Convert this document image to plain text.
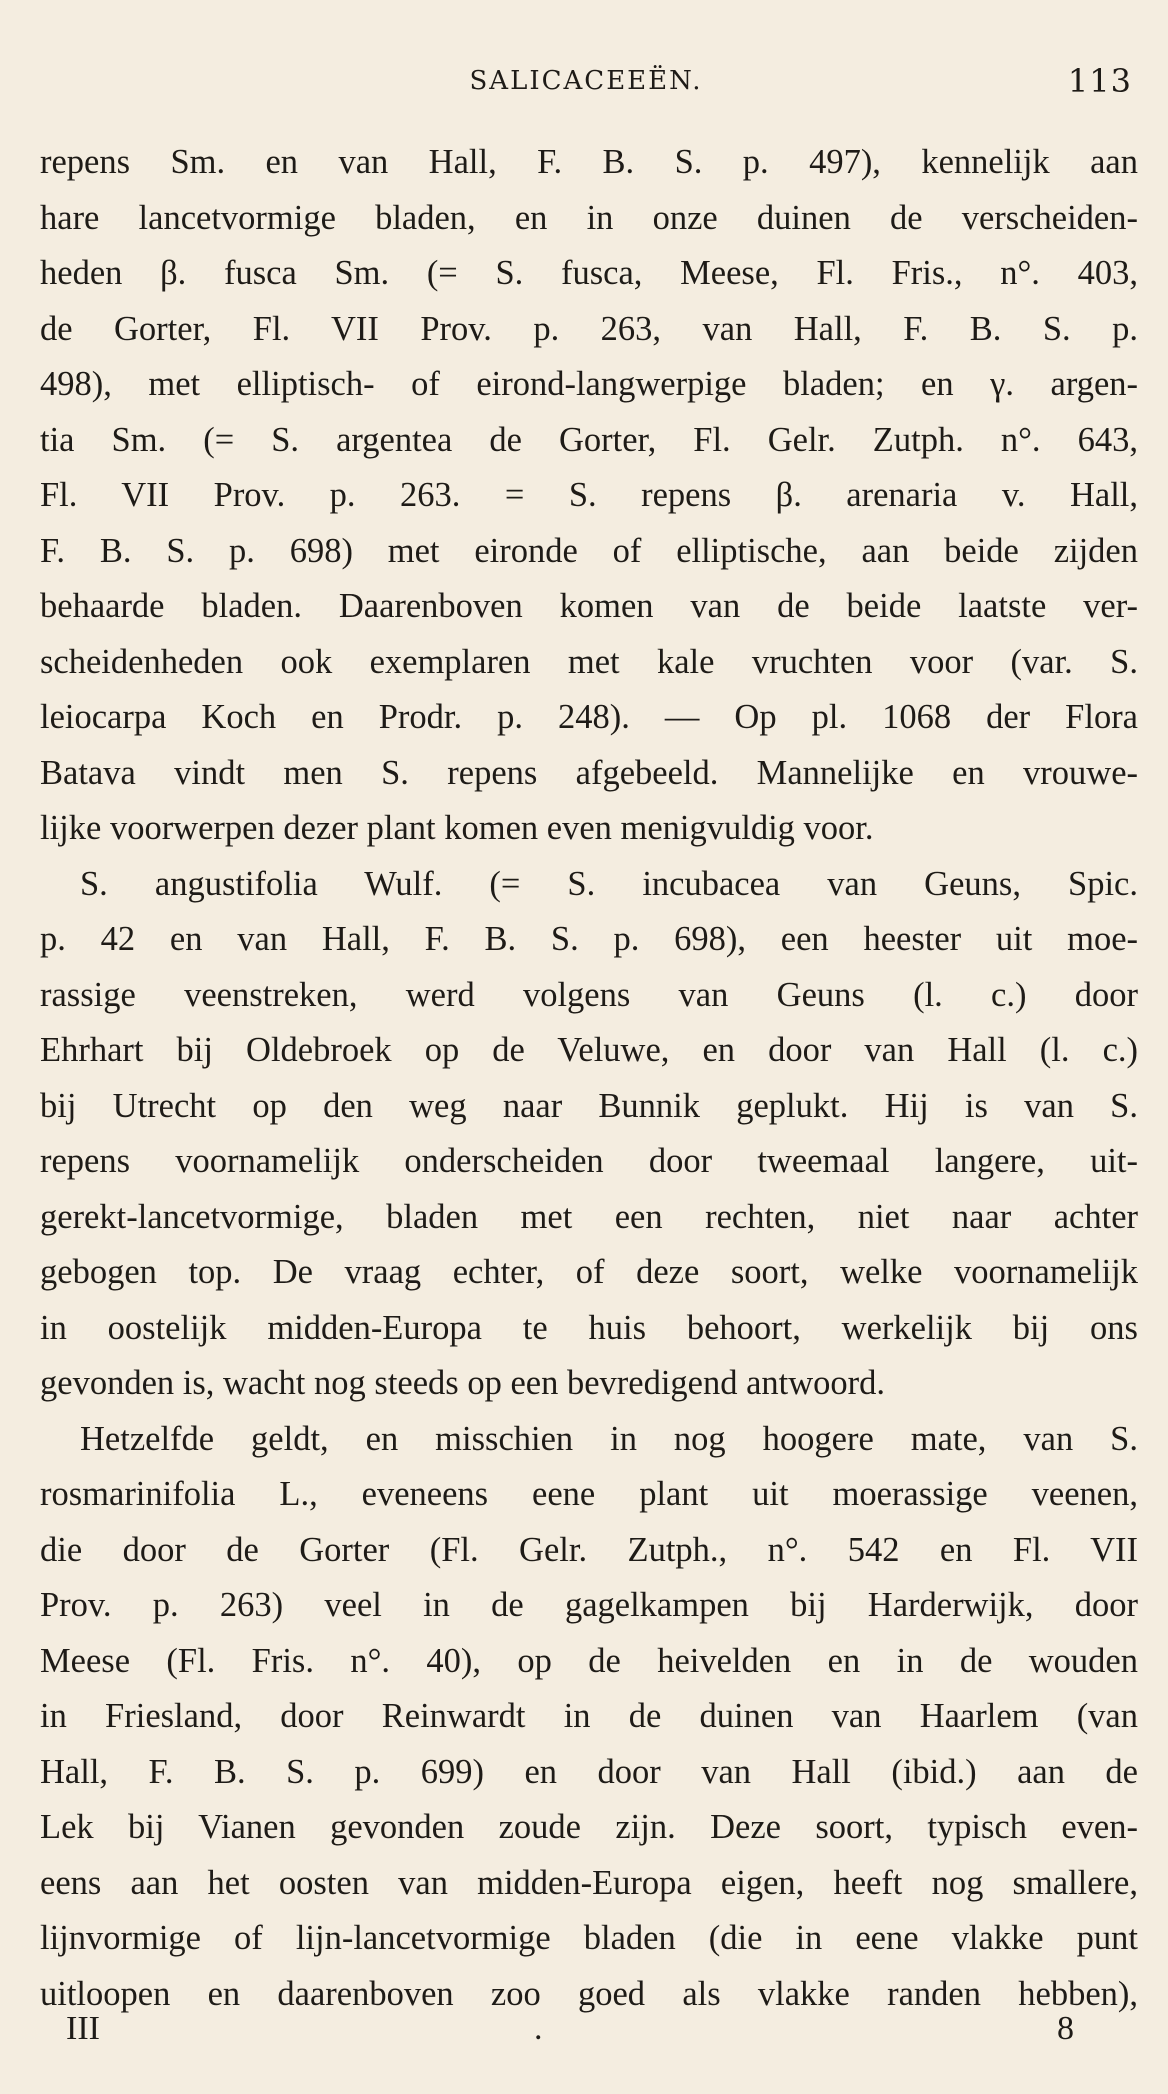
SALICACEEËN.	113
repens Sm. en van Hall, F. B. S. p. 497), kennelijk aan
hare lancetvormige bladen, en in onze duinen de verscheiden-
heden β. fusca Sm. (= S. fusca, Meese, Fl. Fris., n°. 403,
de Gorter, Fl. VII Prov. p. 263, van Hall, F. B. S. p.
498), met elliptisch- of eirond-langwerpige bladen; en γ. argen-
tia Sm. (= S. argentea de Gorter, Fl. Gelr. Zutph. n°. 643,
Fl. VII Prov. p. 263. = S. repens β. arenaria v. Hall,
F. B. S. p. 698) met eironde of elliptische, aan beide zijden
behaarde bladen. Daarenboven komen van de beide laatste ver-
scheidenheden ook exemplaren met kale vruchten voor (var. S.
leiocarpa Koch en Prodr. p. 248). — Op pl. 1068 der Flora
Batava vindt men S. repens afgebeeld. Mannelijke en vrouwe-
lijke voorwerpen dezer plant komen even menigvuldig voor.
S. angustifolia Wulf. (= S. incubacea van Geuns, Spic.
p. 42 en van Hall, F. B. S. p. 698), een heester uit moe-
rassige veenstreken, werd volgens van Geuns (l. c.) door
Ehrhart bij Oldebroek op de Veluwe, en door van Hall (l. c.)
bij Utrecht op den weg naar Bunnik geplukt. Hij is van S.
repens voornamelijk onderscheiden door tweemaal langere, uit-
gerekt-lancetvormige, bladen met een rechten, niet naar achter
gebogen top. De vraag echter, of deze soort, welke voornamelijk
in oostelijk midden-Europa te huis behoort, werkelijk bij ons
gevonden is, wacht nog steeds op een bevredigend antwoord.
Hetzelfde geldt, en misschien in nog hoogere mate, van S.
rosmarinifolia L., eveneens eene plant uit moerassige veenen,
die door de Gorter (Fl. Gelr. Zutph., n°. 542 en Fl. VII
Prov. p. 263) veel in de gagelkampen bij Harderwijk, door
Meese (Fl. Fris. n°. 40), op de heivelden en in de wouden
in Friesland, door Reinwardt in de duinen van Haarlem (van
Hall, F. B. S. p. 699) en door van Hall (ibid.) aan de
Lek bij Vianen gevonden zoude zijn. Deze soort, typisch even-
eens aan het oosten van midden-Europa eigen, heeft nog smallere,
lijnvormige of lijn-lancetvormige bladen (die in eene vlakke punt
uitloopen en daarenboven zoo goed als vlakke randen hebben),
III	.	8
